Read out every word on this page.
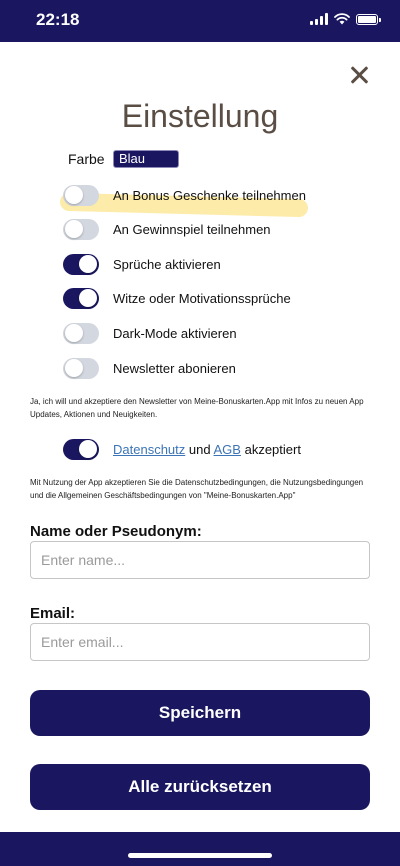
22:18
Einstellung
Farbe	Blau
An Bonus Geschenke teilnehmen
An Gewinnspiel teilnehmen
Sprüche aktivieren
Witze oder Motivationssprüche
Dark-Mode aktivieren
Newsletter abonieren
Ja, ich will und akzeptiere den Newsletter von Meine-Bonuskarten.App mit Infos zu neuen App Updates, Aktionen und Neuigkeiten.
Datenschutz und AGB akzeptiert
Mit Nutzung der App akzeptieren Sie die Datenschutzbedingungen, die Nutzungsbedingungen und die Allgemeinen Geschäftsbedingungen von "Meine-Bonuskarten.App"
Name oder Pseudonym:
Enter name...
Email:
Enter email...
Speichern
Alle zurücksetzen
